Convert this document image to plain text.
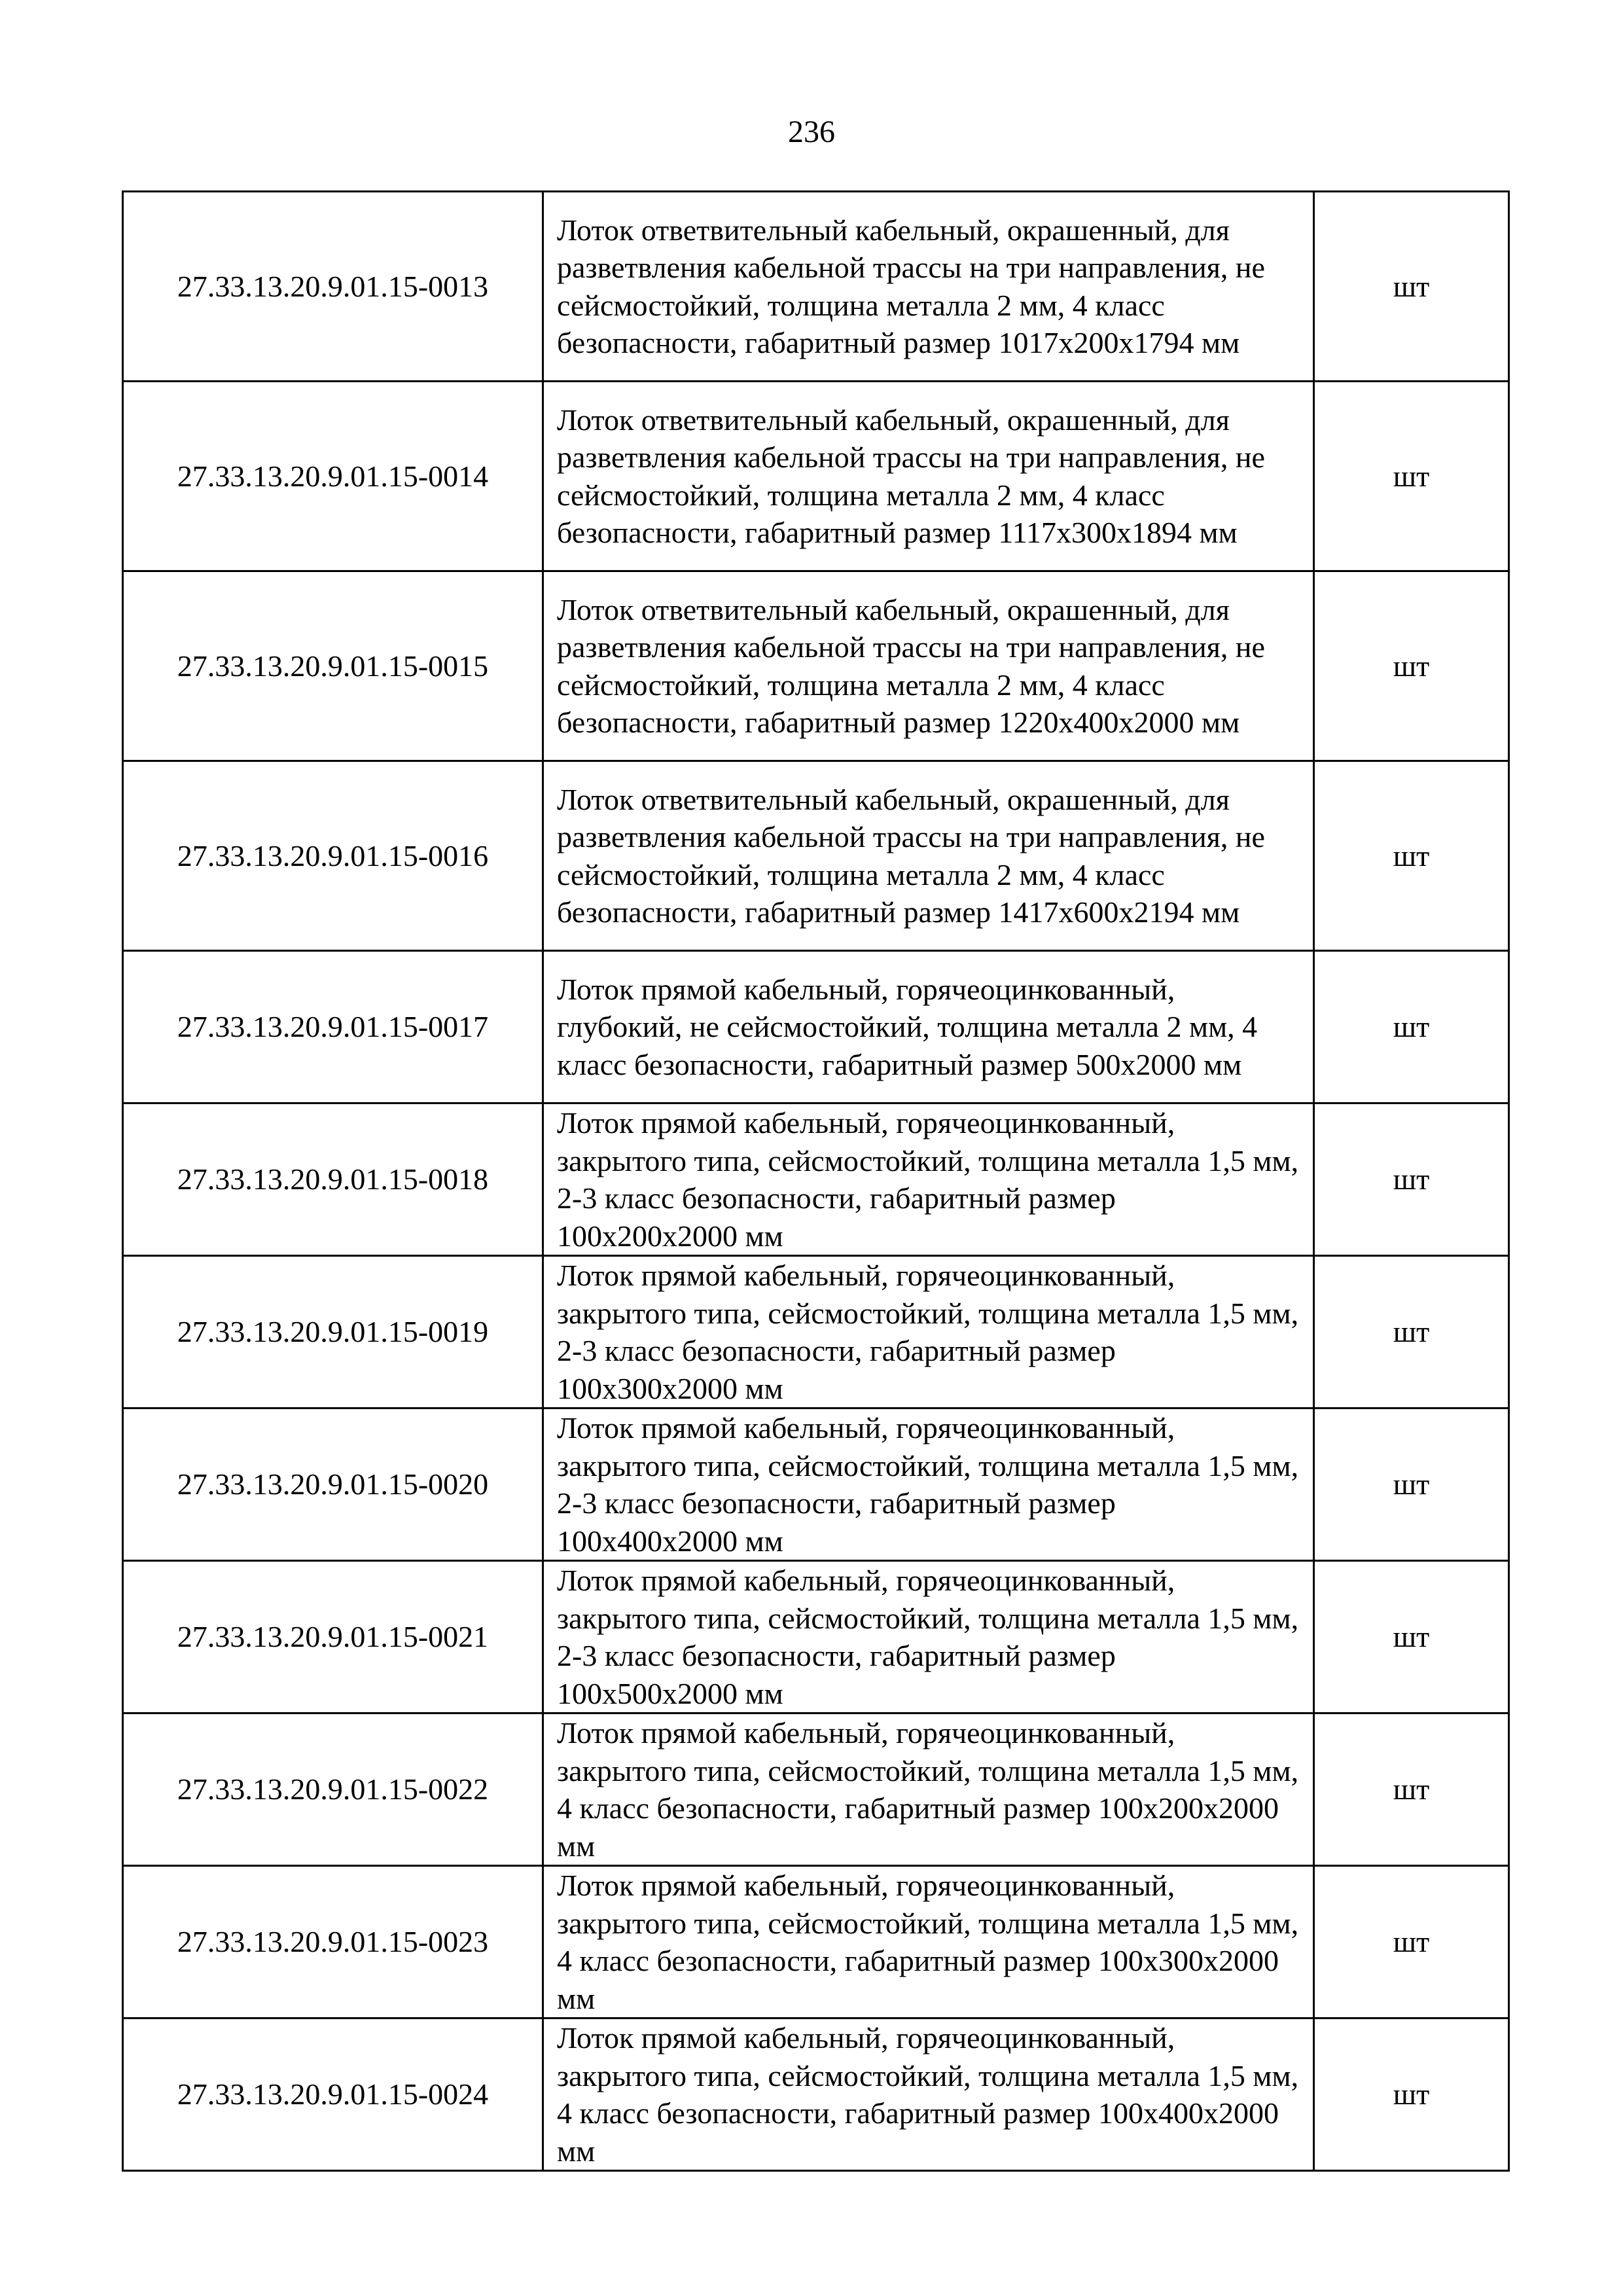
236
27.33.13.20.9.01.15-0013	Лоток ответвительный кабельный, окрашенный, для разветвления кабельной трассы на три направления, не сейсмостойкий, толщина металла 2 мм, 4 класс безопасности, габаритный размер 1017х200х1794 мм	шт
27.33.13.20.9.01.15-0014	Лоток ответвительный кабельный, окрашенный, для разветвления кабельной трассы на три направления, не сейсмостойкий, толщина металла 2 мм, 4 класс безопасности, габаритный размер 1117х300х1894 мм	шт
27.33.13.20.9.01.15-0015	Лоток ответвительный кабельный, окрашенный, для разветвления кабельной трассы на три направления, не сейсмостойкий, толщина металла 2 мм, 4 класс безопасности, габаритный размер 1220х400х2000 мм	шт
27.33.13.20.9.01.15-0016	Лоток ответвительный кабельный, окрашенный, для разветвления кабельной трассы на три направления, не сейсмостойкий, толщина металла 2 мм, 4 класс безопасности, габаритный размер 1417х600х2194 мм	шт
27.33.13.20.9.01.15-0017	Лоток прямой кабельный, горячеоцинкованный, глубокий, не сейсмостойкий, толщина металла 2 мм, 4 класс безопасности, габаритный размер 500х2000 мм	шт
27.33.13.20.9.01.15-0018	Лоток прямой кабельный, горячеоцинкованный, закрытого типа, сейсмостойкий, толщина металла 1,5 мм, 2-3 класс безопасности, габаритный размер 100х200х2000 мм	шт
27.33.13.20.9.01.15-0019	Лоток прямой кабельный, горячеоцинкованный, закрытого типа, сейсмостойкий, толщина металла 1,5 мм, 2-3 класс безопасности, габаритный размер 100х300х2000 мм	шт
27.33.13.20.9.01.15-0020	Лоток прямой кабельный, горячеоцинкованный, закрытого типа, сейсмостойкий, толщина металла 1,5 мм, 2-3 класс безопасности, габаритный размер 100х400х2000 мм	шт
27.33.13.20.9.01.15-0021	Лоток прямой кабельный, горячеоцинкованный, закрытого типа, сейсмостойкий, толщина металла 1,5 мм, 2-3 класс безопасности, габаритный размер 100х500х2000 мм	шт
27.33.13.20.9.01.15-0022	Лоток прямой кабельный, горячеоцинкованный, закрытого типа, сейсмостойкий, толщина металла 1,5 мм, 4 класс безопасности, габаритный размер 100х200х2000 мм	шт
27.33.13.20.9.01.15-0023	Лоток прямой кабельный, горячеоцинкованный, закрытого типа, сейсмостойкий, толщина металла 1,5 мм, 4 класс безопасности, габаритный размер 100х300х2000 мм	шт
27.33.13.20.9.01.15-0024	Лоток прямой кабельный, горячеоцинкованный, закрытого типа, сейсмостойкий, толщина металла 1,5 мм, 4 класс безопасности, габаритный размер 100х400х2000 мм	шт
